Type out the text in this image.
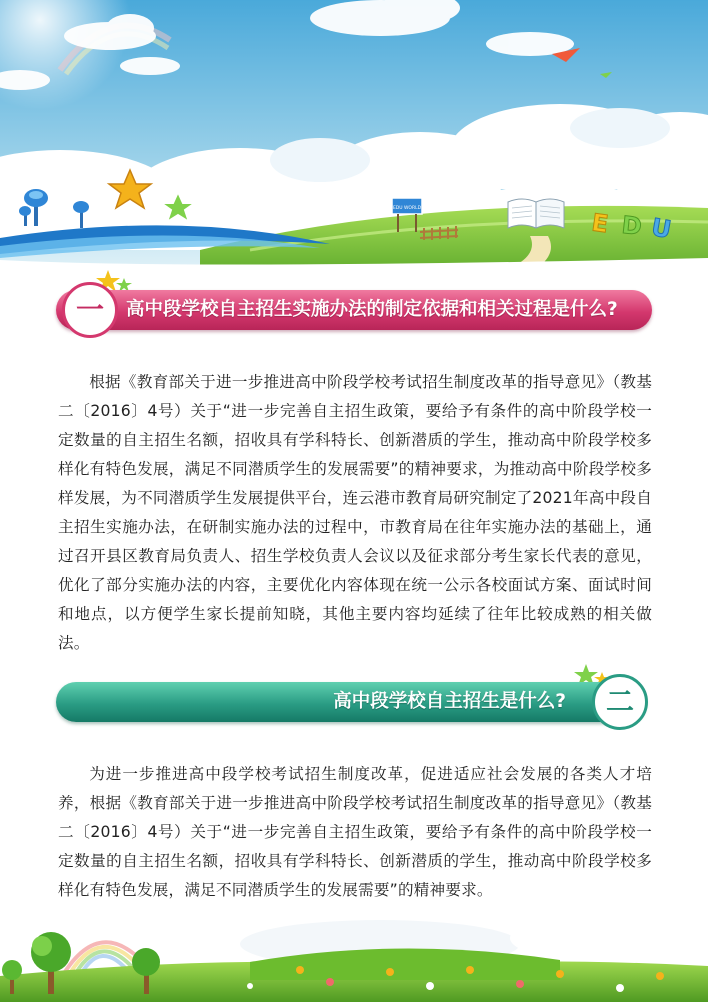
EDU WORLD	E D U
高中段学校自主招生实施办法的制定依据和相关过程是什么?
一

根据《教育部关于进一步推进高中阶段学校考试招生制度改革的指导意见》（教基二〔2016〕4号）关于“进一步完善自主招生政策，要给予有条件的高中阶段学校一定数量的自主招生名额，招收具有学科特长、创新潜质的学生，推动高中阶段学校多样化有特色发展，满足不同潜质学生的发展需要”的精神要求，为推动高中阶段学校多样发展，为不同潜质学生发展提供平台，连云港市教育局研究制定了2021年高中段自主招生实施办法，在研制实施办法的过程中，市教育局在往年实施办法的基础上，通过召开县区教育局负责人、招生学校负责人会议以及征求部分考生家长代表的意见，优化了部分实施办法的内容，主要优化内容体现在统一公示各校面试方案、面试时间和地点，以方便学生家长提前知晓，其他主要内容均延续了往年比较成熟的相关做法。

高中段学校自主招生是什么?	二

为进一步推进高中段学校考试招生制度改革，促进适应社会发展的各类人才培养，根据《教育部关于进一步推进高中阶段学校考试招生制度改革的指导意见》（教基二〔2016〕4号）关于“进一步完善自主招生政策，要给予有条件的高中阶段学校一定数量的自主招生名额，招收具有学科特长、创新潜质的学生，推动高中阶段学校多样化有特色发展，满足不同潜质学生的发展需要”的精神要求。
